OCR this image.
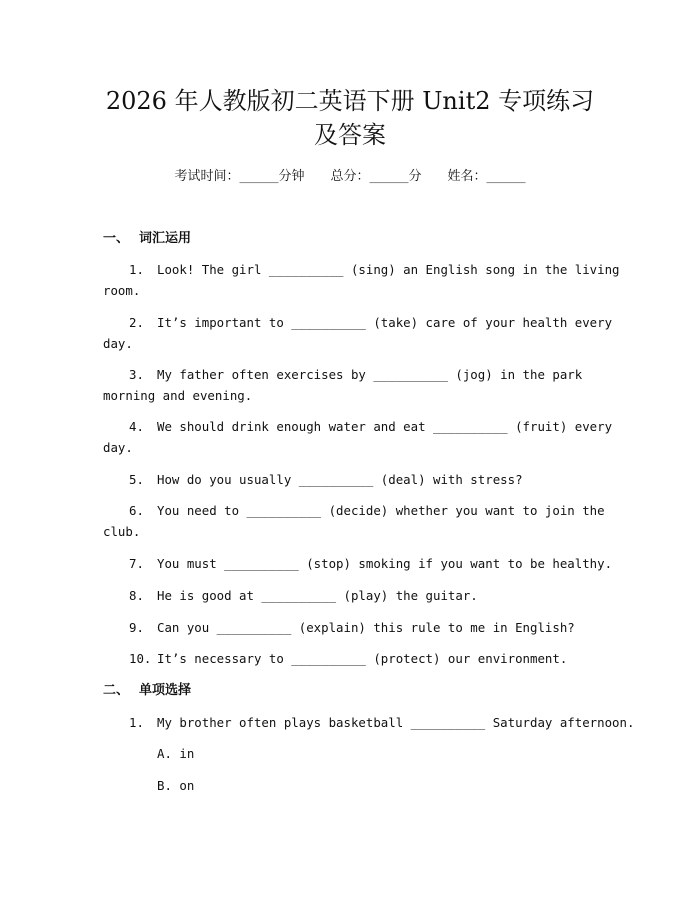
2026 年人教版初二英语下册 Unit2 专项练习
及答案
考试时间：______分钟 总分：______分 姓名：______
一、 词汇运用
1. Look! The girl __________ (sing) an English song in the living
room.
2. It’s important to __________ (take) care of your health every
day.
3. My father often exercises by __________ (jog) in the park
morning and evening.
4. We should drink enough water and eat __________ (fruit) every
day.
5. How do you usually __________ (deal) with stress?
6. You need to __________ (decide) whether you want to join the
club.
7. You must __________ (stop) smoking if you want to be healthy.
8. He is good at __________ (play) the guitar.
9. Can you __________ (explain) this rule to me in English?
10. It’s necessary to __________ (protect) our environment.
二、 单项选择
1. My brother often plays basketball __________ Saturday afternoon.
A. in
B. on
